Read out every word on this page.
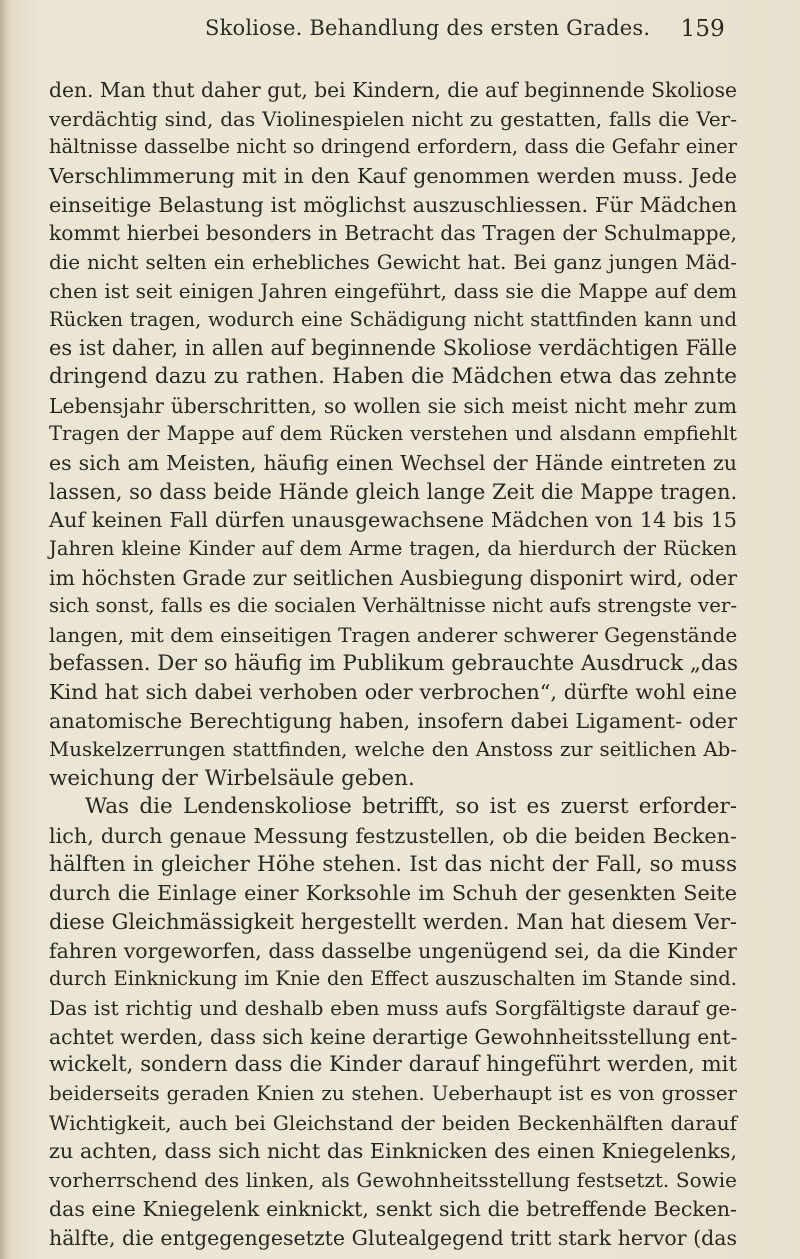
Skoliose. Behandlung des ersten Grades. 159
den. Man thut daher gut, bei Kindern, die auf beginnende Skoliose
verdächtig sind, das Violinespielen nicht zu gestatten, falls die Ver-
hältnisse dasselbe nicht so dringend erfordern, dass die Gefahr einer
Verschlimmerung mit in den Kauf genommen werden muss. Jede
einseitige Belastung ist möglichst auszuschliessen. Für Mädchen
kommt hierbei besonders in Betracht das Tragen der Schulmappe,
die nicht selten ein erhebliches Gewicht hat. Bei ganz jungen Mäd-
chen ist seit einigen Jahren eingeführt, dass sie die Mappe auf dem
Rücken tragen, wodurch eine Schädigung nicht stattfinden kann und
es ist daher, in allen auf beginnende Skoliose verdächtigen Fälle
dringend dazu zu rathen. Haben die Mädchen etwa das zehnte
Lebensjahr überschritten, so wollen sie sich meist nicht mehr zum
Tragen der Mappe auf dem Rücken verstehen und alsdann empfiehlt
es sich am Meisten, häufig einen Wechsel der Hände eintreten zu
lassen, so dass beide Hände gleich lange Zeit die Mappe tragen.
Auf keinen Fall dürfen unausgewachsene Mädchen von 14 bis 15
Jahren kleine Kinder auf dem Arme tragen, da hierdurch der Rücken
im höchsten Grade zur seitlichen Ausbiegung disponirt wird, oder
sich sonst, falls es die socialen Verhältnisse nicht aufs strengste ver-
langen, mit dem einseitigen Tragen anderer schwerer Gegenstände
befassen. Der so häufig im Publikum gebrauchte Ausdruck „das
Kind hat sich dabei verhoben oder verbrochen“, dürfte wohl eine
anatomische Berechtigung haben, insofern dabei Ligament- oder
Muskelzerrungen stattfinden, welche den Anstoss zur seitlichen Ab-
weichung der Wirbelsäule geben.
Was die Lendenskoliose betrifft, so ist es zuerst erforder-
lich, durch genaue Messung festzustellen, ob die beiden Becken-
hälften in gleicher Höhe stehen. Ist das nicht der Fall, so muss
durch die Einlage einer Korksohle im Schuh der gesenkten Seite
diese Gleichmässigkeit hergestellt werden. Man hat diesem Ver-
fahren vorgeworfen, dass dasselbe ungenügend sei, da die Kinder
durch Einknickung im Knie den Effect auszuschalten im Stande sind.
Das ist richtig und deshalb eben muss aufs Sorgfältigste darauf ge-
achtet werden, dass sich keine derartige Gewohnheitsstellung ent-
wickelt, sondern dass die Kinder darauf hingeführt werden, mit
beiderseits geraden Knien zu stehen. Ueberhaupt ist es von grosser
Wichtigkeit, auch bei Gleichstand der beiden Beckenhälften darauf
zu achten, dass sich nicht das Einknicken des einen Kniegelenks,
vorherrschend des linken, als Gewohnheitsstellung festsetzt. Sowie
das eine Kniegelenk einknickt, senkt sich die betreffende Becken-
hälfte, die entgegengesetzte Glutealgegend tritt stark hervor (das
